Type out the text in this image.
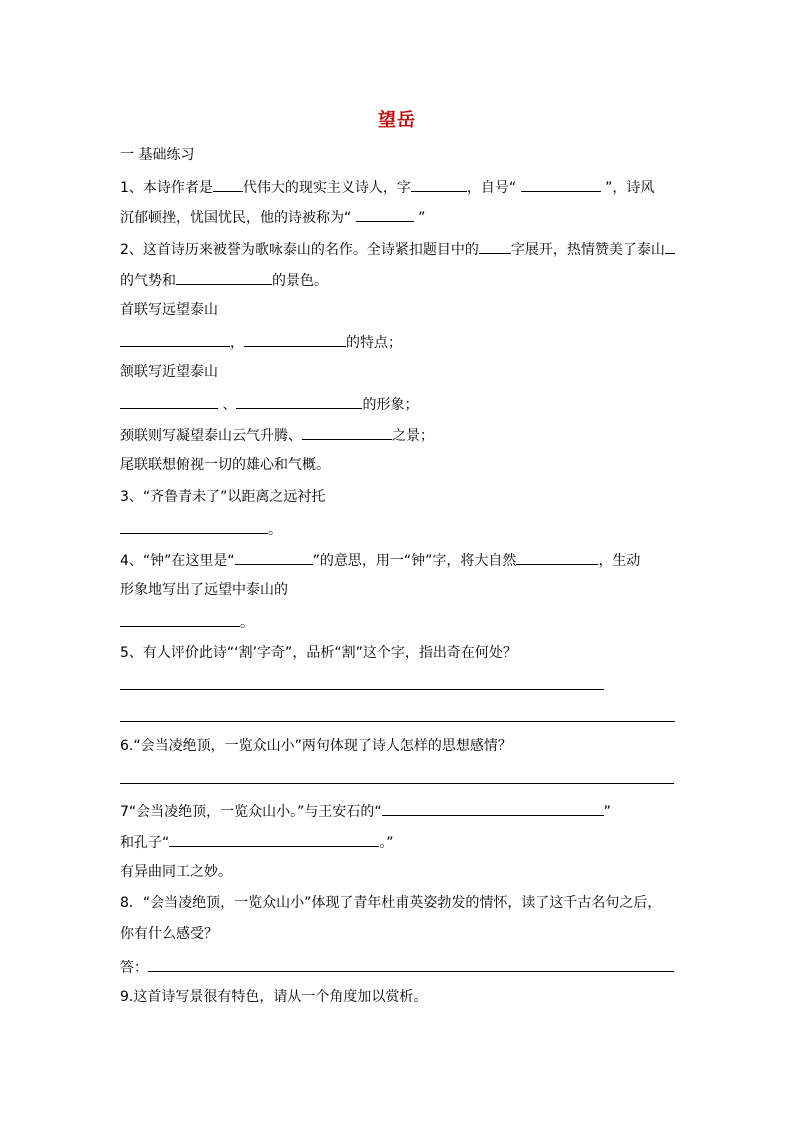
望岳
一 基础练习
1、本诗作者是 代伟大的现实主义诗人，字	，自号“	”，诗风
沉郁顿挫，忧国忧民，他的诗被称为“	”
2、这首诗历来被誉为歌咏泰山的名作。全诗紧扣题目中的 字展开，热情赞美了泰山
的气势和	的景色。
首联写远望泰山
，	的特点；
颔联写近望泰山
、	的形象；
颈联则写凝望泰山云气升腾、	之景；
尾联联想俯视一切的雄心和气概。
3、“齐鲁青未了”以距离之远衬托
。
4、“钟”在这里是“	”的意思，用一“钟”字，将大自然	，生动
形象地写出了远望中泰山的
。
5、有人评价此诗“‘割’字奇”，品析“割”这个字，指出奇在何处？
6.“会当凌绝顶，一览众山小”两句体现了诗人怎样的思想感情？
7“会当凌绝顶，一览众山小。”与王安石的“	”
和孔子“	。”
有异曲同工之妙。
8．“会当凌绝顶，一览众山小”体现了青年杜甫英姿勃发的情怀，读了这千古名句之后，
你有什么感受？
答：
9.这首诗写景很有特色，请从一个角度加以赏析。
